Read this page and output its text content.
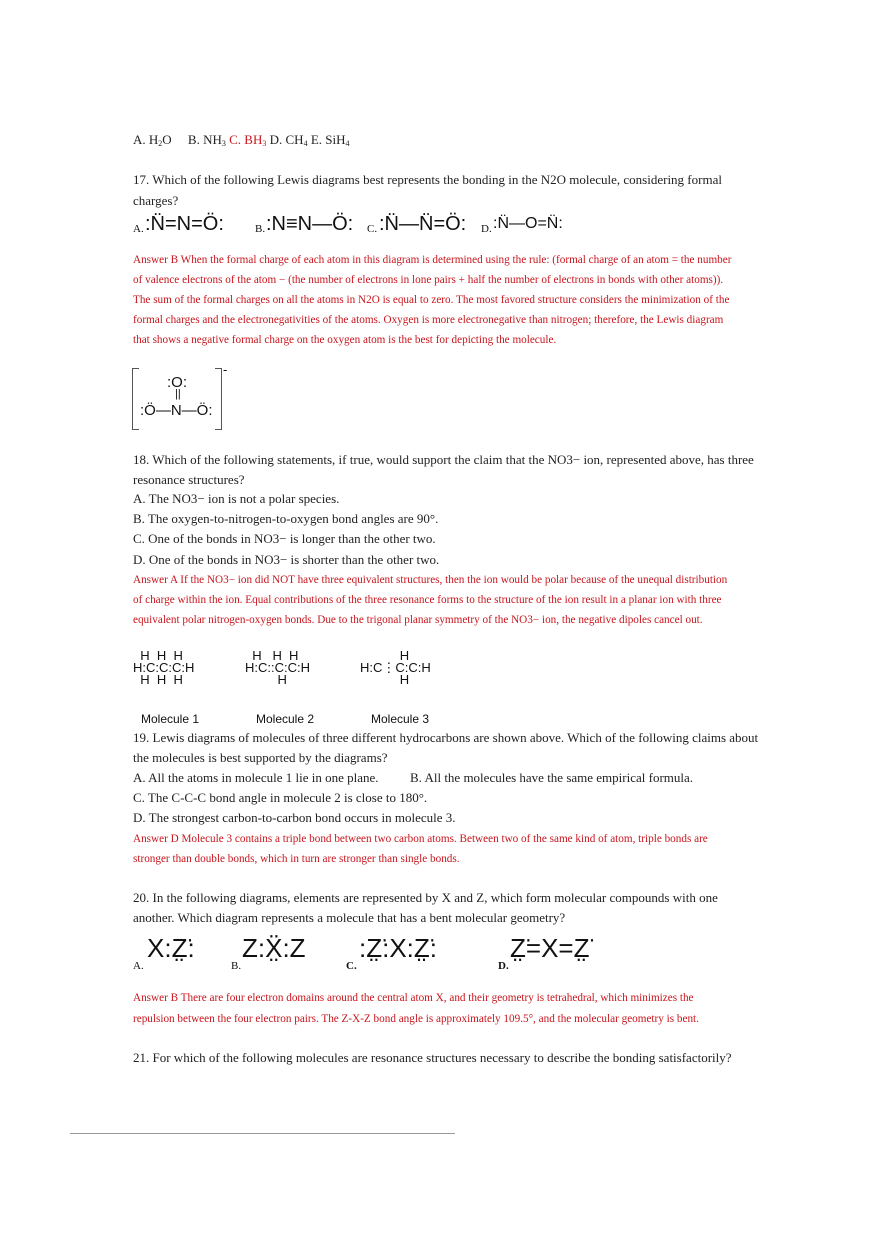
A. $H_2O$ B. $NH_3$ C. $BH_3$ D. $CH_4$ E. SiH$_4$
17. Which of the following Lewis diagrams best represents the bonding in the N2O molecule, considering formal
charges?
A. :N̈=N=Ö:	B. :N≡N—Ö: C. :N̈—N̈=Ö: D. :N̈—O=N̈:
Answer B When the formal charge of each atom in this diagram is determined using the rule: (formal charge of an atom = the number
of valence electrons of the atom − (the number of electrons in lone pairs + half the number of electrons in bonds with other atoms)).
The sum of the formal charges on all the atoms in N2O is equal to zero. The most favored structure considers the minimization of the
formal charges and the electronegativities of the atoms. Oxygen is more electronegative than nitrogen; therefore, the Lewis diagram
that shows a negative formal charge on the oxygen atom is the best for depicting the molecule.
:O:
||
:Ö—N—Ö:
-
18. Which of the following statements, if true, would support the claim that the NO3− ion, represented above, has three
resonance structures?
A. The NO3− ion is not a polar species.
B. The oxygen-to-nitrogen-to-oxygen bond angles are 90°.
C. One of the bonds in NO3− is longer than the other two.
D. One of the bonds in NO3− is shorter than the other two.
Answer A If the NO3− ion did NOT have three equivalent structures, then the ion would be polar because of the unequal distribution
of charge within the ion. Equal contributions of the three resonance forms to the structure of the ion result in a planar ion with three
equivalent polar nitrogen-oxygen bonds. Due to the trigonal planar symmetry of the NO3− ion, the negative dipoles cancel out.
H  H  H
H:C:C:C:H
H  H  H
H   H  H
H:C::C:C:H
H
H
H:C⋮C:C:H
H
Molecule 1	Molecule 2	Molecule 3
19. Lewis diagrams of molecules of three different hydrocarbons are shown above. Which of the following claims about
the molecules is best supported by the diagrams?
A. All the atoms in molecule 1 lie in one plane. B. All the molecules have the same empirical formula.
C. The C-C-C bond angle in molecule 2 is close to 180°.
D. The strongest carbon-to-carbon bond occurs in molecule 3.
Answer D Molecule 3 contains a triple bond between two carbon atoms. Between two of the same kind of atom, triple bonds are
stronger than double bonds, which in turn are stronger than single bonds.
20. In the following diagrams, elements are represented by X and Z, which form molecular compounds with one
another. Which diagram represents a molecule that has a bent molecular geometry?
A.
X:Z̤̈:
B.
Z:Ẍ̤:Z
C.
:Z̤̈:X:Z̤̈:
D.
Z̤̈=X=Z̤̈
Answer B There are four electron domains around the central atom X, and their geometry is tetrahedral, which minimizes the
repulsion between the four electron pairs. The Z-X-Z bond angle is approximately 109.5°, and the molecular geometry is bent.
21. For which of the following molecules are resonance structures necessary to describe the bonding satisfactorily?
